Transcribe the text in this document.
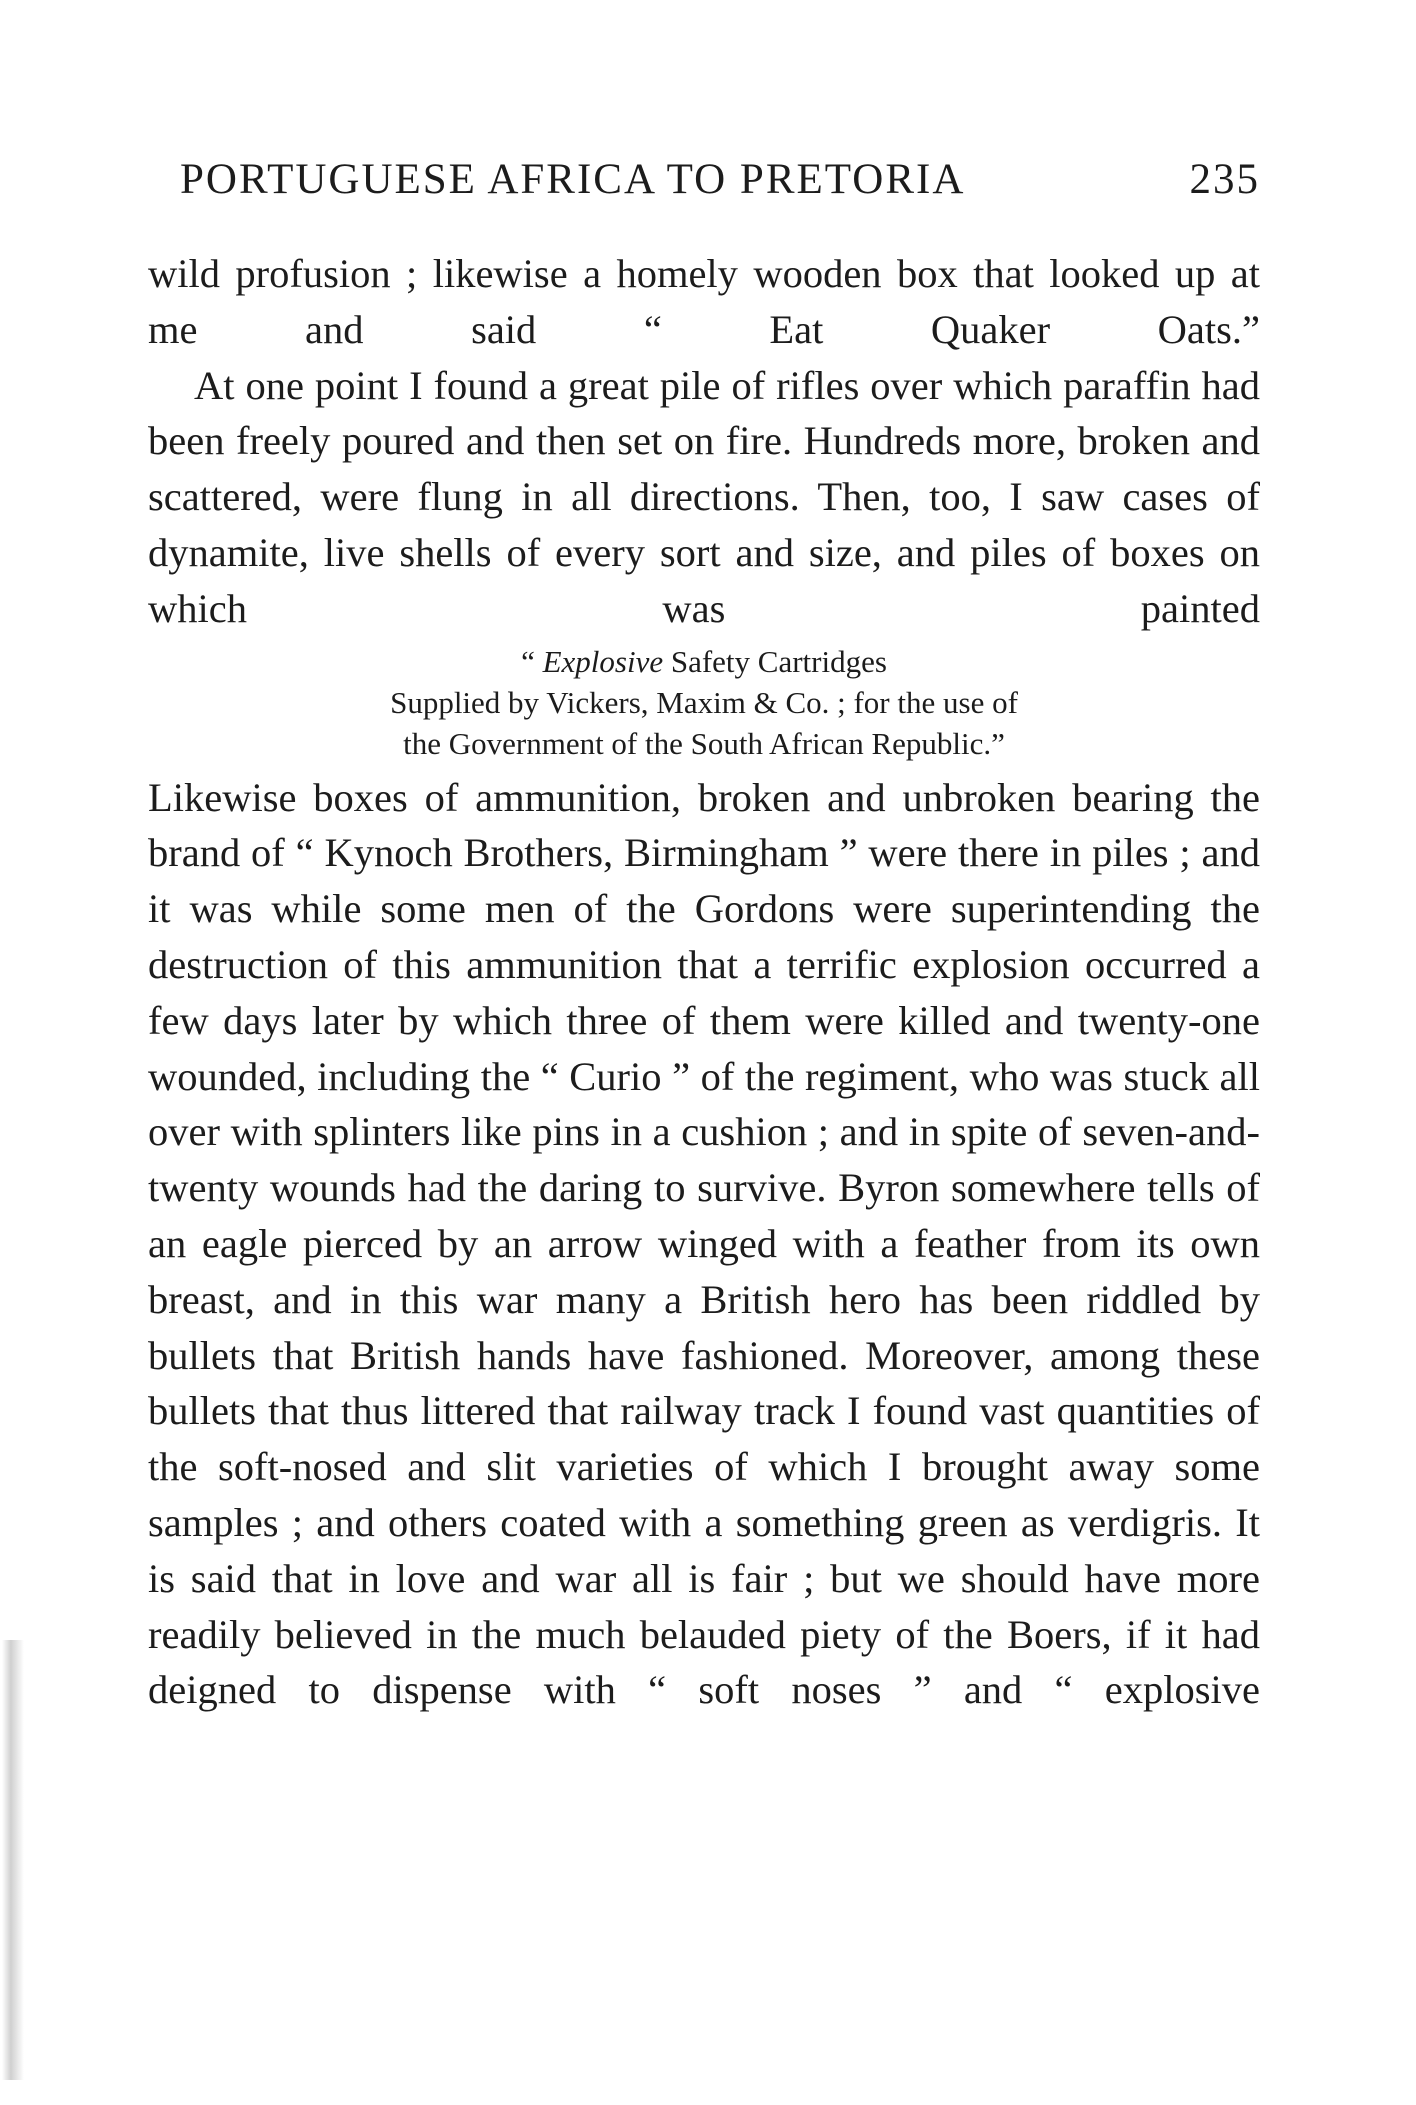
PORTUGUESE AFRICA TO PRETORIA	235

wild profusion ; likewise a homely wooden box that looked up at me and said “ Eat Quaker Oats.”

At one point I found a great pile of rifles over which paraffin had been freely poured and then set on fire. Hundreds more, broken and scattered, were flung in all directions. Then, too, I saw cases of dynamite, live shells of every sort and size, and piles of boxes on which was painted

“ Explosive Safety Cartridges
Supplied by Vickers, Maxim & Co. ; for the use of
the Government of the South African Republic.”

Likewise boxes of ammunition, broken and unbroken bearing the brand of “ Kynoch Brothers, Birmingham ” were there in piles ; and it was while some men of the Gordons were superintending the destruction of this ammunition that a terrific explosion occurred a few days later by which three of them were killed and twenty-one wounded, including the “ Curio ” of the regiment, who was stuck all over with splinters like pins in a cushion ; and in spite of seven-and-twenty wounds had the daring to survive. Byron somewhere tells of an eagle pierced by an arrow winged with a feather from its own breast, and in this war many a British hero has been riddled by bullets that British hands have fashioned. Moreover, among these bullets that thus littered that railway track I found vast quantities of the soft-nosed and slit varieties of which I brought away some samples ; and others coated with a something green as verdigris. It is said that in love and war all is fair ; but we should have more readily believed in the much belauded piety of the Boers, if it had deigned to dispense with “ soft noses ” and “ explosive
